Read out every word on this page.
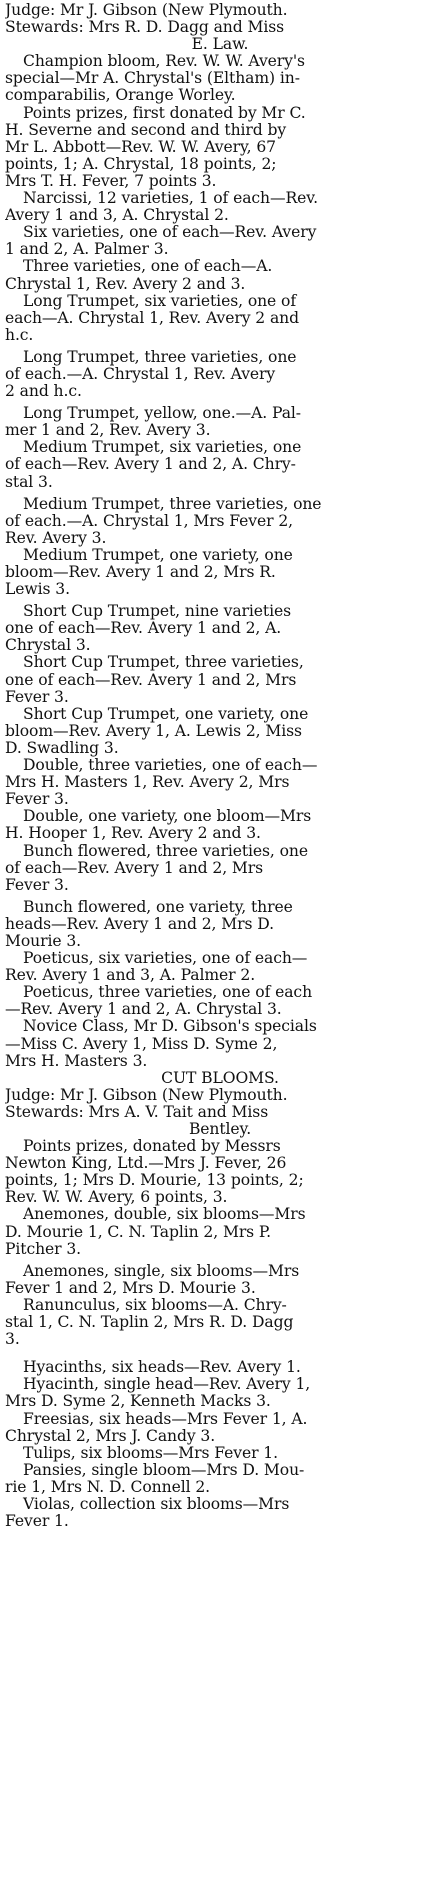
Judge: Mr J. Gibson (New Plymouth.
Stewards: Mrs R. D. Dagg and Miss
E. Law.
Champion bloom, Rev. W. W. Avery's
special—Mr A. Chrystal's (Eltham) in-
comparabilis, Orange Worley.
Points prizes, first donated by Mr C.
H. Severne and second and third by
Mr L. Abbott—Rev. W. W. Avery, 67
points, 1; A. Chrystal, 18 points, 2;
Mrs T. H. Fever, 7 points 3.
Narcissi, 12 varieties, 1 of each—Rev.
Avery 1 and 3, A. Chrystal 2.
Six varieties, one of each—Rev. Avery
1 and 2, A. Palmer 3.
Three varieties, one of each—A.
Chrystal 1, Rev. Avery 2 and 3.
Long Trumpet, six varieties, one of
each—A. Chrystal 1, Rev. Avery 2 and
h.c.
Long Trumpet, three varieties, one
of each.—A. Chrystal 1, Rev. Avery
2 and h.c.
Long Trumpet, yellow, one.—A. Pal-
mer 1 and 2, Rev. Avery 3.
Medium Trumpet, six varieties, one
of each—Rev. Avery 1 and 2, A. Chry-
stal 3.
Medium Trumpet, three varieties, one
of each.—A. Chrystal 1, Mrs Fever 2,
Rev. Avery 3.
Medium Trumpet, one variety, one
bloom—Rev. Avery 1 and 2, Mrs R.
Lewis 3.
Short Cup Trumpet, nine varieties
one of each—Rev. Avery 1 and 2, A.
Chrystal 3.
Short Cup Trumpet, three varieties,
one of each—Rev. Avery 1 and 2, Mrs
Fever 3.
Short Cup Trumpet, one variety, one
bloom—Rev. Avery 1, A. Lewis 2, Miss
D. Swadling 3.
Double, three varieties, one of each—
Mrs H. Masters 1, Rev. Avery 2, Mrs
Fever 3.
Double, one variety, one bloom—Mrs
H. Hooper 1, Rev. Avery 2 and 3.
Bunch flowered, three varieties, one
of each—Rev. Avery 1 and 2, Mrs
Fever 3.
Bunch flowered, one variety, three
heads—Rev. Avery 1 and 2, Mrs D.
Mourie 3.
Poeticus, six varieties, one of each—
Rev. Avery 1 and 3, A. Palmer 2.
Poeticus, three varieties, one of each
—Rev. Avery 1 and 2, A. Chrystal 3.
Novice Class, Mr D. Gibson's specials
—Miss C. Avery 1, Miss D. Syme 2,
Mrs H. Masters 3.
CUT BLOOMS.
Judge: Mr J. Gibson (New Plymouth.
Stewards: Mrs A. V. Tait and Miss
Bentley.
Points prizes, donated by Messrs
Newton King, Ltd.—Mrs J. Fever, 26
points, 1; Mrs D. Mourie, 13 points, 2;
Rev. W. W. Avery, 6 points, 3.
Anemones, double, six blooms—Mrs
D. Mourie 1, C. N. Taplin 2, Mrs P.
Pitcher 3.
Anemones, single, six blooms—Mrs
Fever 1 and 2, Mrs D. Mourie 3.
Ranunculus, six blooms—A. Chry-
stal 1, C. N. Taplin 2, Mrs R. D. Dagg
3.
Hyacinths, six heads—Rev. Avery 1.
Hyacinth, single head—Rev. Avery 1,
Mrs D. Syme 2, Kenneth Macks 3.
Freesias, six heads—Mrs Fever 1, A.
Chrystal 2, Mrs J. Candy 3.
Tulips, six blooms—Mrs Fever 1.
Pansies, single bloom—Mrs D. Mou-
rie 1, Mrs N. D. Connell 2.
Violas, collection six blooms—Mrs
Fever 1.
